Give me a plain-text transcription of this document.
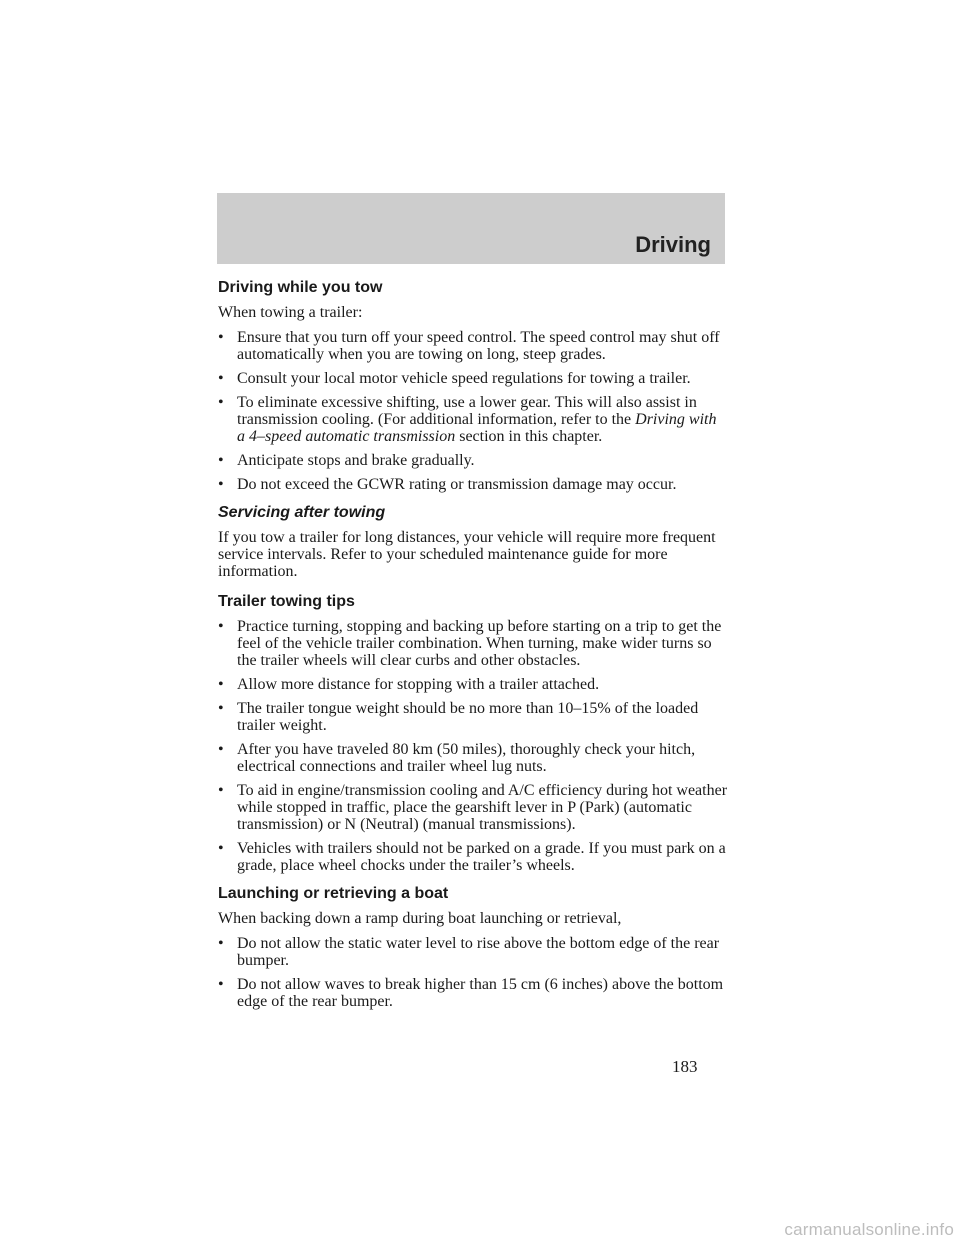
Driving
Driving while you tow

When towing a trailer:

• Ensure that you turn off your speed control. The speed control may shut off automatically when you are towing on long, steep grades.
• Consult your local motor vehicle speed regulations for towing a trailer.
• To eliminate excessive shifting, use a lower gear. This will also assist in transmission cooling. (For additional information, refer to the Driving with a 4–speed automatic transmission section in this chapter.
• Anticipate stops and brake gradually.
• Do not exceed the GCWR rating or transmission damage may occur.
Servicing after towing

If you tow a trailer for long distances, your vehicle will require more frequent service intervals. Refer to your scheduled maintenance guide for more information.

Trailer towing tips
• Practice turning, stopping and backing up before starting on a trip to get the feel of the vehicle trailer combination. When turning, make wider turns so the trailer wheels will clear curbs and other obstacles.
• Allow more distance for stopping with a trailer attached.
• The trailer tongue weight should be no more than 10–15% of the loaded trailer weight.
• After you have traveled 80 km (50 miles), thoroughly check your hitch, electrical connections and trailer wheel lug nuts.
• To aid in engine/transmission cooling and A/C efficiency during hot weather while stopped in traffic, place the gearshift lever in P (Park) (automatic transmission) or N (Neutral) (manual transmissions).
• Vehicles with trailers should not be parked on a grade. If you must park on a grade, place wheel chocks under the trailer’s wheels.
Launching or retrieving a boat

When backing down a ramp during boat launching or retrieval,

• Do not allow the static water level to rise above the bottom edge of the rear bumper.
• Do not allow waves to break higher than 15 cm (6 inches) above the bottom edge of the rear bumper.
183
carmanualsonline.info
